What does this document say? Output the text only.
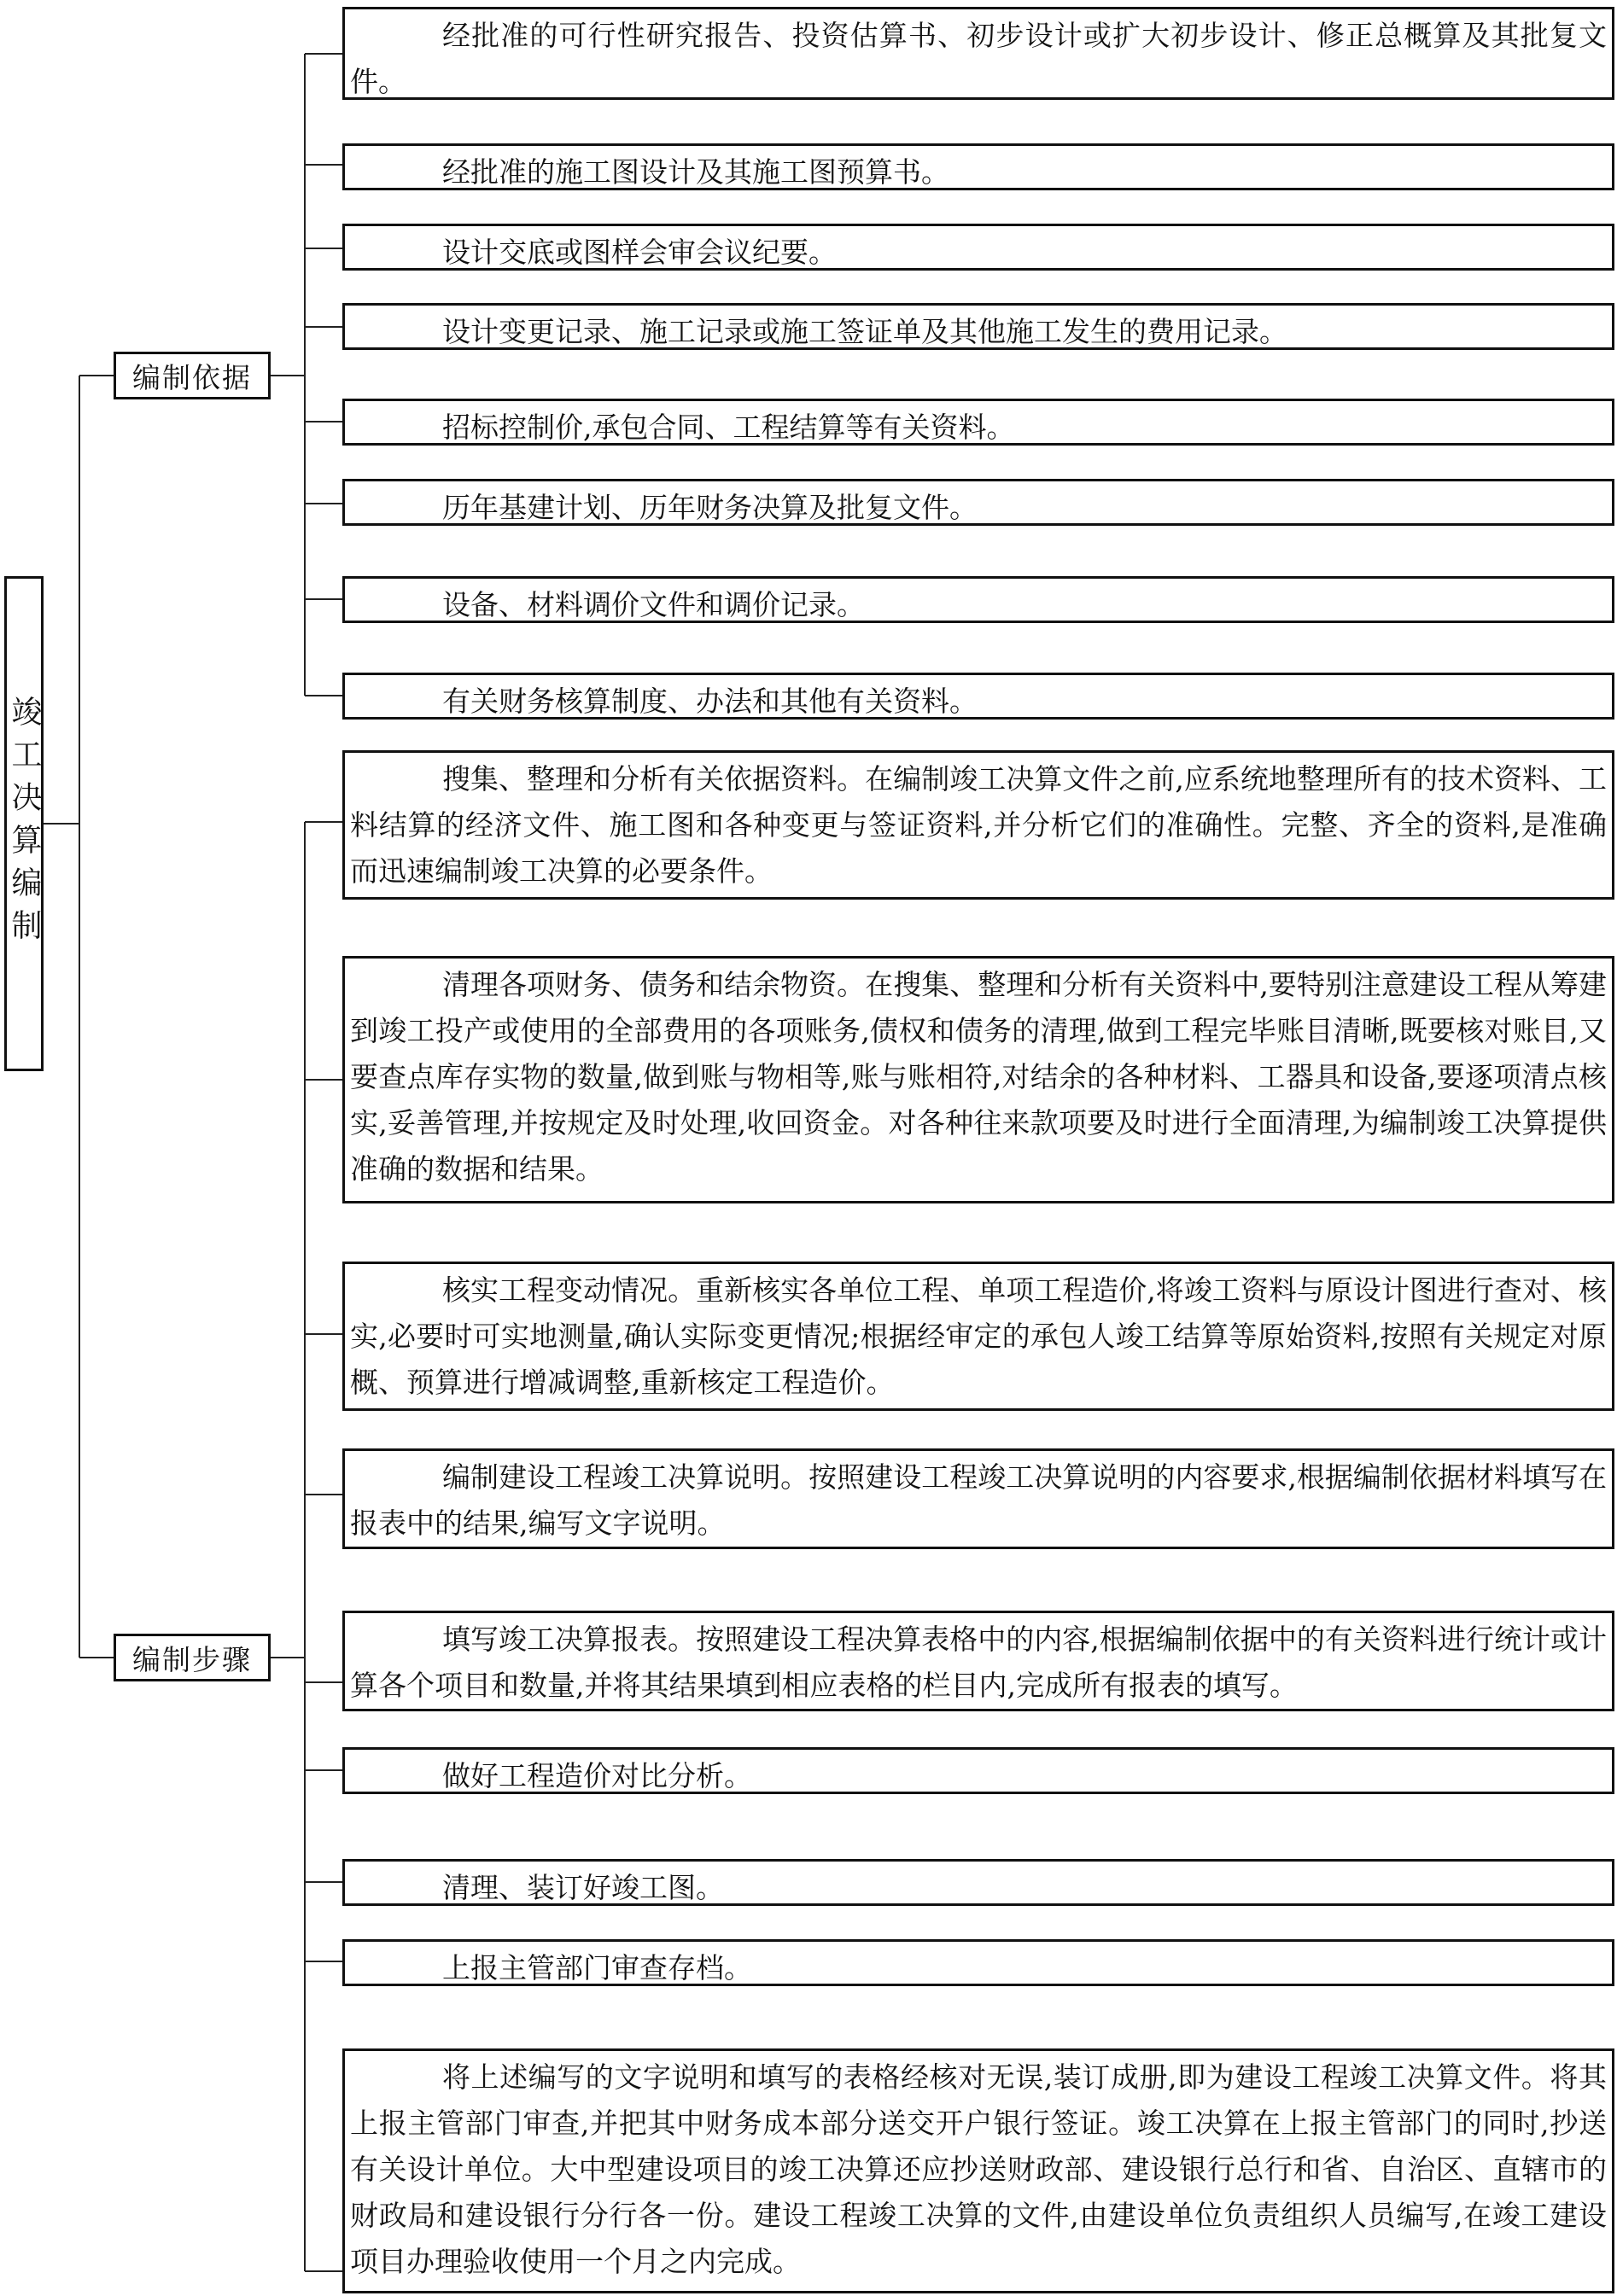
竣工决算编制
编制依据
编制步骤
经批准的可行性研究报告、投资估算书、初步设计或扩大初步设计、修正总概算及其批复文件。
经批准的施工图设计及其施工图预算书。
设计交底或图样会审会议纪要。
设计变更记录、施工记录或施工签证单及其他施工发生的费用记录。
招标控制价,承包合同、工程结算等有关资料。
历年基建计划、历年财务决算及批复文件。
设备、材料调价文件和调价记录。
有关财务核算制度、办法和其他有关资料。
搜集、整理和分析有关依据资料。在编制竣工决算文件之前,应系统地整理所有的技术资料、工料结算的经济文件、施工图和各种变更与签证资料,并分析它们的准确性。完整、齐全的资料,是准确而迅速编制竣工决算的必要条件。
清理各项财务、债务和结余物资。在搜集、整理和分析有关资料中,要特别注意建设工程从筹建到竣工投产或使用的全部费用的各项账务,债权和债务的清理,做到工程完毕账目清晰,既要核对账目,又要查点库存实物的数量,做到账与物相等,账与账相符,对结余的各种材料、工器具和设备,要逐项清点核实,妥善管理,并按规定及时处理,收回资金。对各种往来款项要及时进行全面清理,为编制竣工决算提供准确的数据和结果。
核实工程变动情况。重新核实各单位工程、单项工程造价,将竣工资料与原设计图进行查对、核实,必要时可实地测量,确认实际变更情况;根据经审定的承包人竣工结算等原始资料,按照有关规定对原概、预算进行增减调整,重新核定工程造价。
编制建设工程竣工决算说明。按照建设工程竣工决算说明的内容要求,根据编制依据材料填写在报表中的结果,编写文字说明。
填写竣工决算报表。按照建设工程决算表格中的内容,根据编制依据中的有关资料进行统计或计算各个项目和数量,并将其结果填到相应表格的栏目内,完成所有报表的填写。
做好工程造价对比分析。
清理、装订好竣工图。
上报主管部门审查存档。
将上述编写的文字说明和填写的表格经核对无误,装订成册,即为建设工程竣工决算文件。将其上报主管部门审查,并把其中财务成本部分送交开户银行签证。竣工决算在上报主管部门的同时,抄送有关设计单位。大中型建设项目的竣工决算还应抄送财政部、建设银行总行和省、自治区、直辖市的财政局和建设银行分行各一份。建设工程竣工决算的文件,由建设单位负责组织人员编写,在竣工建设项目办理验收使用一个月之内完成。
